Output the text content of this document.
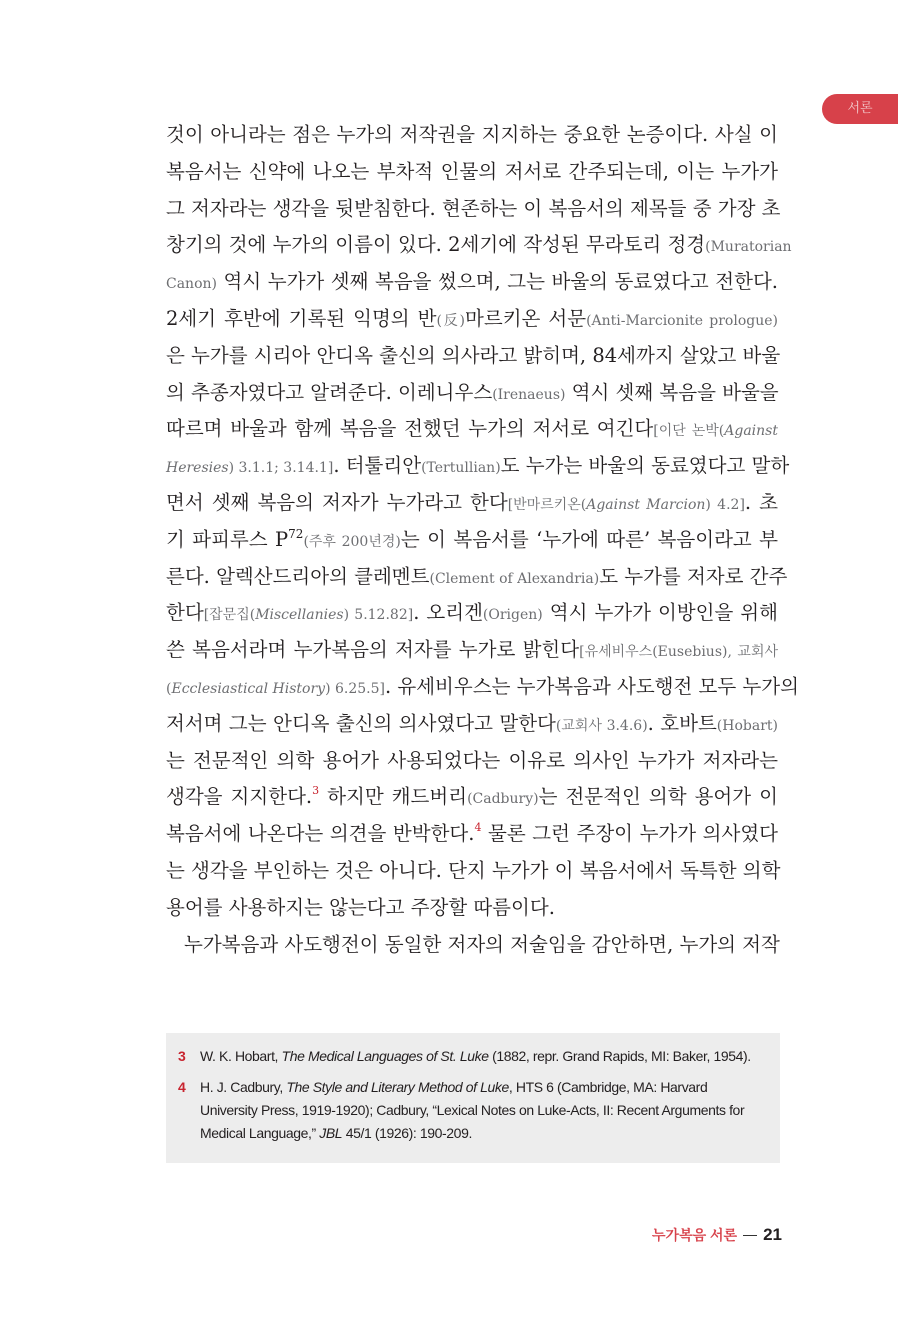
서론
것이 아니라는 점은 누가의 저작권을 지지하는 중요한 논증이다. 사실 이
복음서는 신약에 나오는 부차적 인물의 저서로 간주되는데, 이는 누가가
그 저자라는 생각을 뒷받침한다. 현존하는 이 복음서의 제목들 중 가장 초
창기의 것에 누가의 이름이 있다. 2세기에 작성된 무라토리 정경(Muratorian
Canon) 역시 누가가 셋째 복음을 썼으며, 그는 바울의 동료였다고 전한다.
2세기 후반에 기록된 익명의 반(反)마르키온 서문(Anti-Marcionite prologue)
은 누가를 시리아 안디옥 출신의 의사라고 밝히며, 84세까지 살았고 바울
의 추종자였다고 알려준다. 이레니우스(Irenaeus) 역시 셋째 복음을 바울을
따르며 바울과 함께 복음을 전했던 누가의 저서로 여긴다[이단 논박(Against
Heresies) 3.1.1; 3.14.1]. 터툴리안(Tertullian)도 누가는 바울의 동료였다고 말하
면서 셋째 복음의 저자가 누가라고 한다[반마르키온(Against Marcion) 4.2]. 초
기 파피루스 $P^{72}$(주후 200년경)는 이 복음서를 ‘누가에 따른’ 복음이라고 부
른다. 알렉산드리아의 클레멘트(Clement of Alexandria)도 누가를 저자로 간주
한다[잡문집(Miscellanies) 5.12.82]. 오리겐(Origen) 역시 누가가 이방인을 위해
쓴 복음서라며 누가복음의 저자를 누가로 밝힌다[유세비우스(Eusebius), 교회사
(Ecclesiastical History) 6.25.5]. 유세비우스는 누가복음과 사도행전 모두 누가의
저서며 그는 안디옥 출신의 의사였다고 말한다(교회사 3.4.6). 호바트(Hobart)
는 전문적인 의학 용어가 사용되었다는 이유로 의사인 누가가 저자라는
생각을 지지한다.$^3$ 하지만 캐드버리(Cadbury)는 전문적인 의학 용어가 이
복음서에 나온다는 의견을 반박한다.$^4$ 물론 그런 주장이 누가가 의사였다
는 생각을 부인하는 것은 아니다. 단지 누가가 이 복음서에서 독특한 의학
용어를 사용하지는 않는다고 주장할 따름이다.
누가복음과 사도행전이 동일한 저자의 저술임을 감안하면, 누가의 저작
3	W. K. Hobart, The Medical Languages of St. Luke (1882, repr. Grand Rapids, MI: Baker, 1954).
4	H. J. Cadbury, The Style and Literary Method of Luke, HTS 6 (Cambridge, MA: Harvard University Press, 1919-1920); Cadbury, “Lexical Notes on Luke-Acts, II: Recent Arguments for Medical Language,” JBL 45/1 (1926): 190-209.
누가복음 서론 21
